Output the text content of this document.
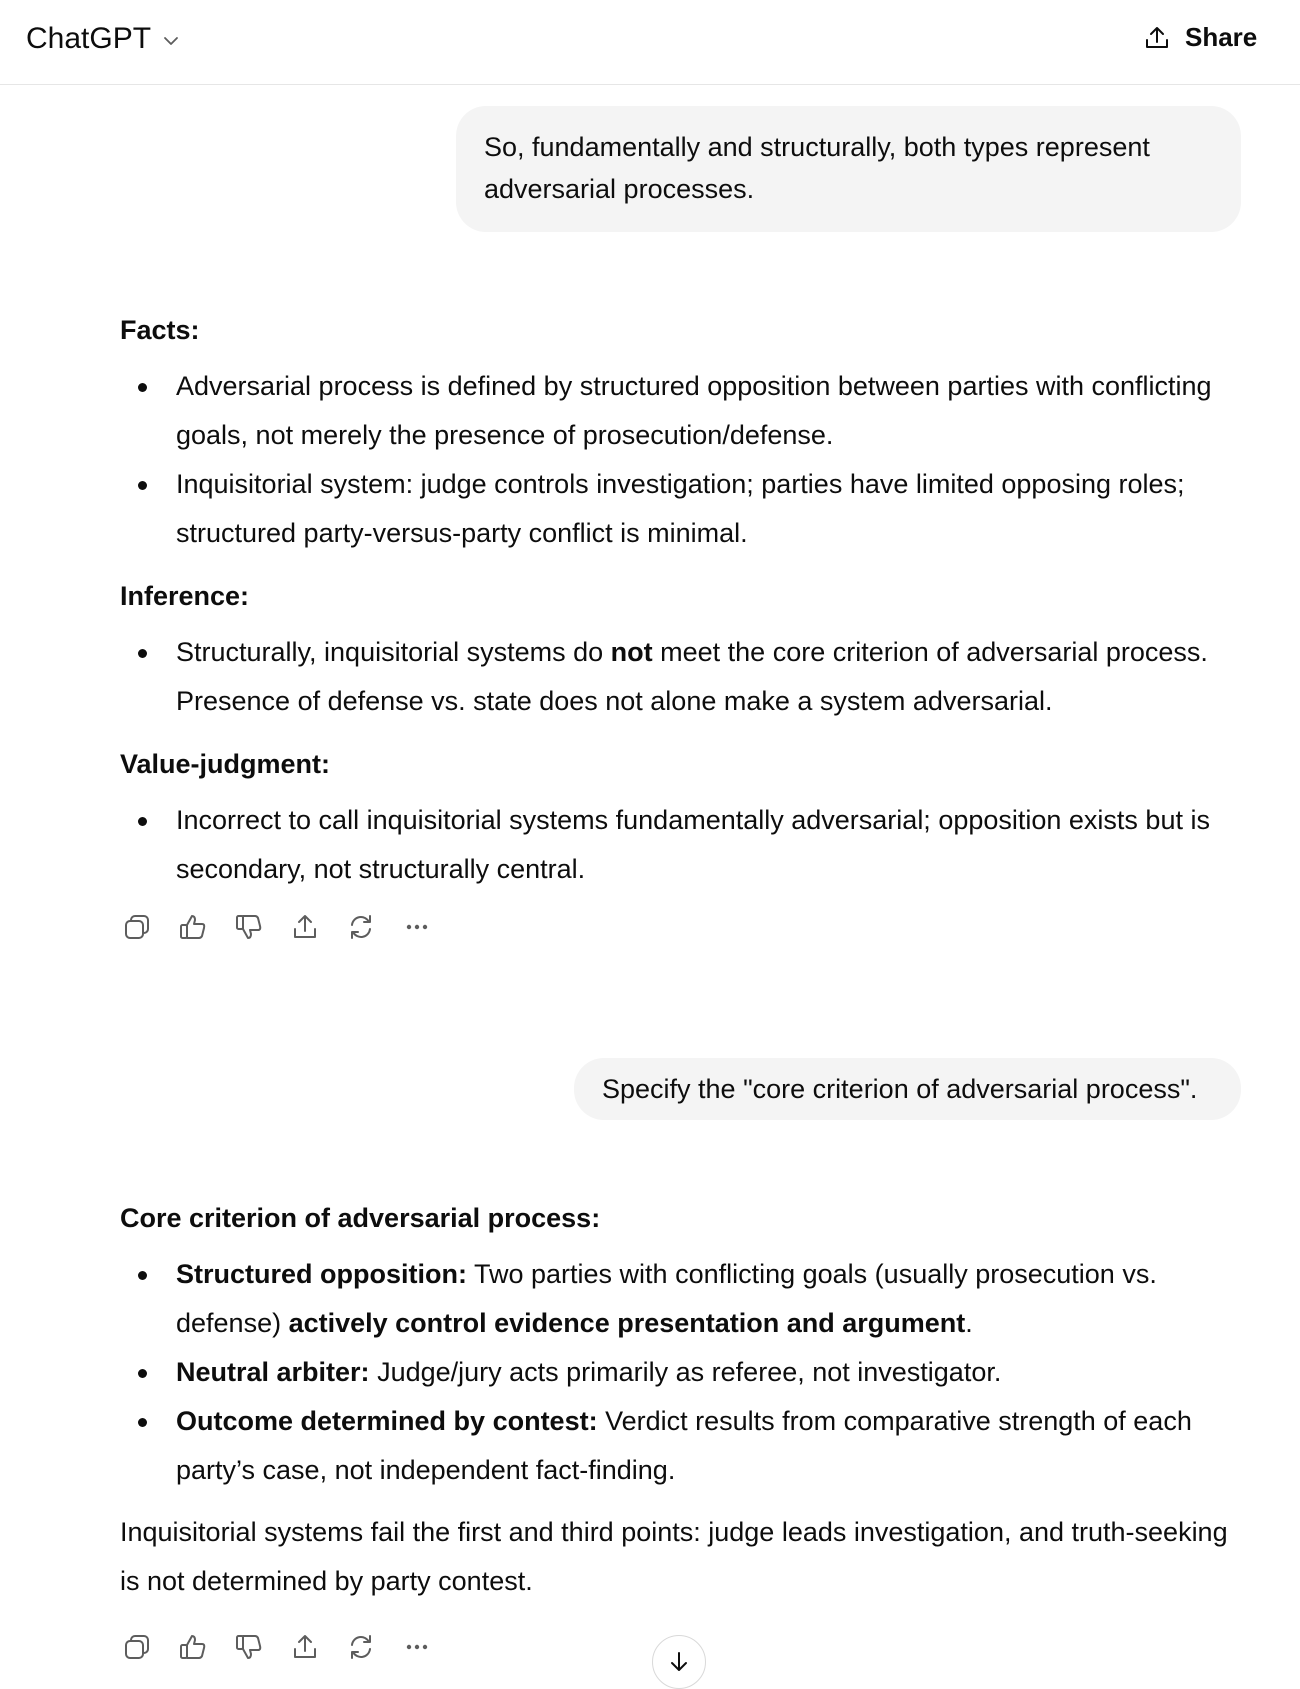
ChatGPT	Share
So, fundamentally and structurally, both types represent adversarial processes.
Facts:
Adversarial process is defined by structured opposition between parties with conflicting goals, not merely the presence of prosecution/defense.
Inquisitorial system: judge controls investigation; parties have limited opposing roles; structured party-versus-party conflict is minimal.
Inference:
Structurally, inquisitorial systems do not meet the core criterion of adversarial process. Presence of defense vs. state does not alone make a system adversarial.
Value-judgment:
Incorrect to call inquisitorial systems fundamentally adversarial; opposition exists but is secondary, not structurally central.
Specify the "core criterion of adversarial process".
Core criterion of adversarial process:
Structured opposition: Two parties with conflicting goals (usually prosecution vs. defense) actively control evidence presentation and argument.
Neutral arbiter: Judge/jury acts primarily as referee, not investigator.
Outcome determined by contest: Verdict results from comparative strength of each party’s case, not independent fact-finding.
Inquisitorial systems fail the first and third points: judge leads investigation, and truth-seeking is not determined by party contest.
